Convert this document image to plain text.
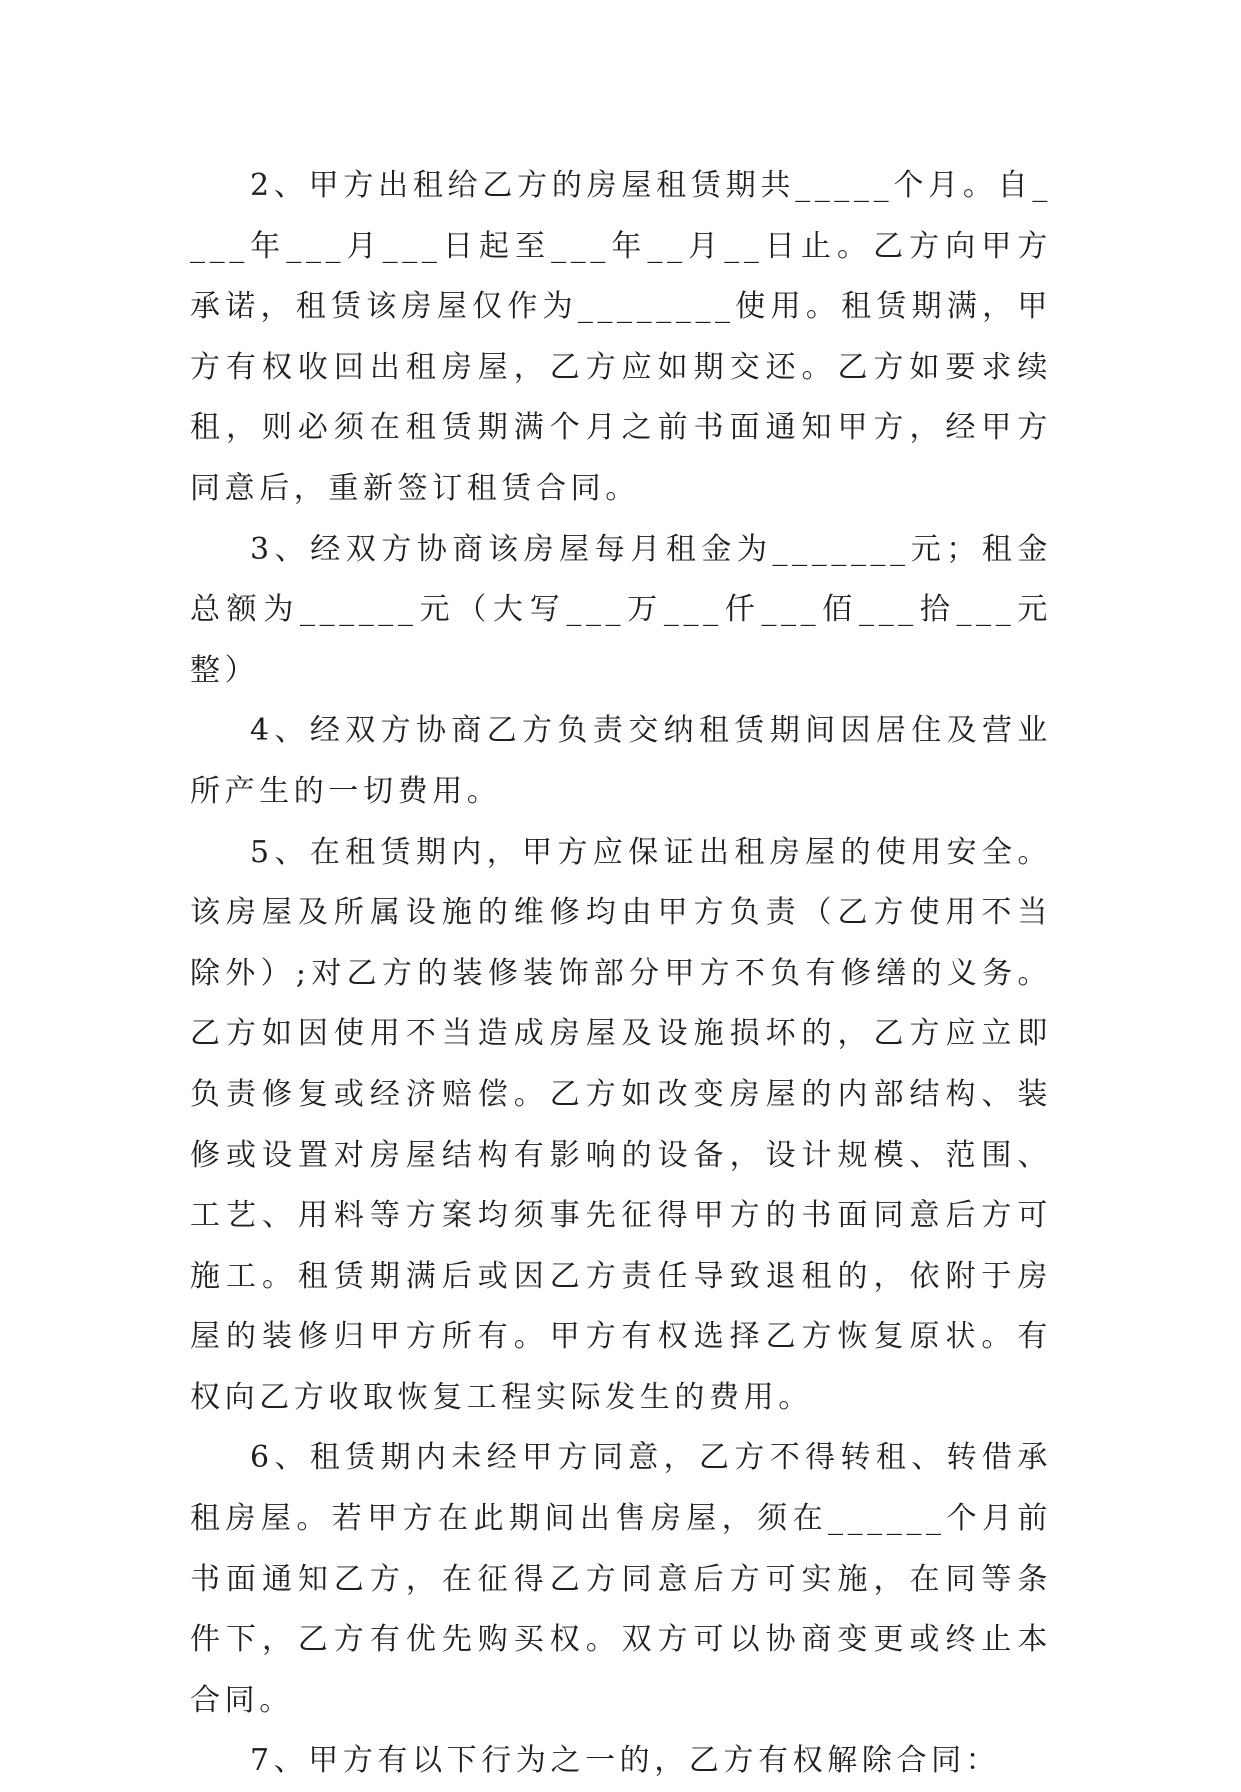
2、甲方出租给乙方的房屋租赁期共_____个月。自____年___月___日起至___年__月__日止。乙方向甲方承诺，租赁该房屋仅作为________使用。租赁期满，甲方有权收回出租房屋，乙方应如期交还。乙方如要求续租，则必须在租赁期满个月之前书面通知甲方，经甲方同意后，重新签订租赁合同。

3、经双方协商该房屋每月租金为_______元；租金总额为______元（大写___万___仟___佰___拾___元整）

4、经双方协商乙方负责交纳租赁期间因居住及营业所产生的一切费用。

5、在租赁期内，甲方应保证出租房屋的使用安全。该房屋及所属设施的维修均由甲方负责（乙方使用不当除外）;对乙方的装修装饰部分甲方不负有修缮的义务。乙方如因使用不当造成房屋及设施损坏的，乙方应立即负责修复或经济赔偿。乙方如改变房屋的内部结构、装修或设置对房屋结构有影响的设备，设计规模、范围、工艺、用料等方案均须事先征得甲方的书面同意后方可施工。租赁期满后或因乙方责任导致退租的，依附于房屋的装修归甲方所有。甲方有权选择乙方恢复原状。有权向乙方收取恢复工程实际发生的费用。

6、租赁期内未经甲方同意，乙方不得转租、转借承租房屋。若甲方在此期间出售房屋，须在______个月前书面通知乙方，在征得乙方同意后方可实施，在同等条件下，乙方有优先购买权。双方可以协商变更或终止本合同。

7、甲方有以下行为之一的，乙方有权解除合同：
